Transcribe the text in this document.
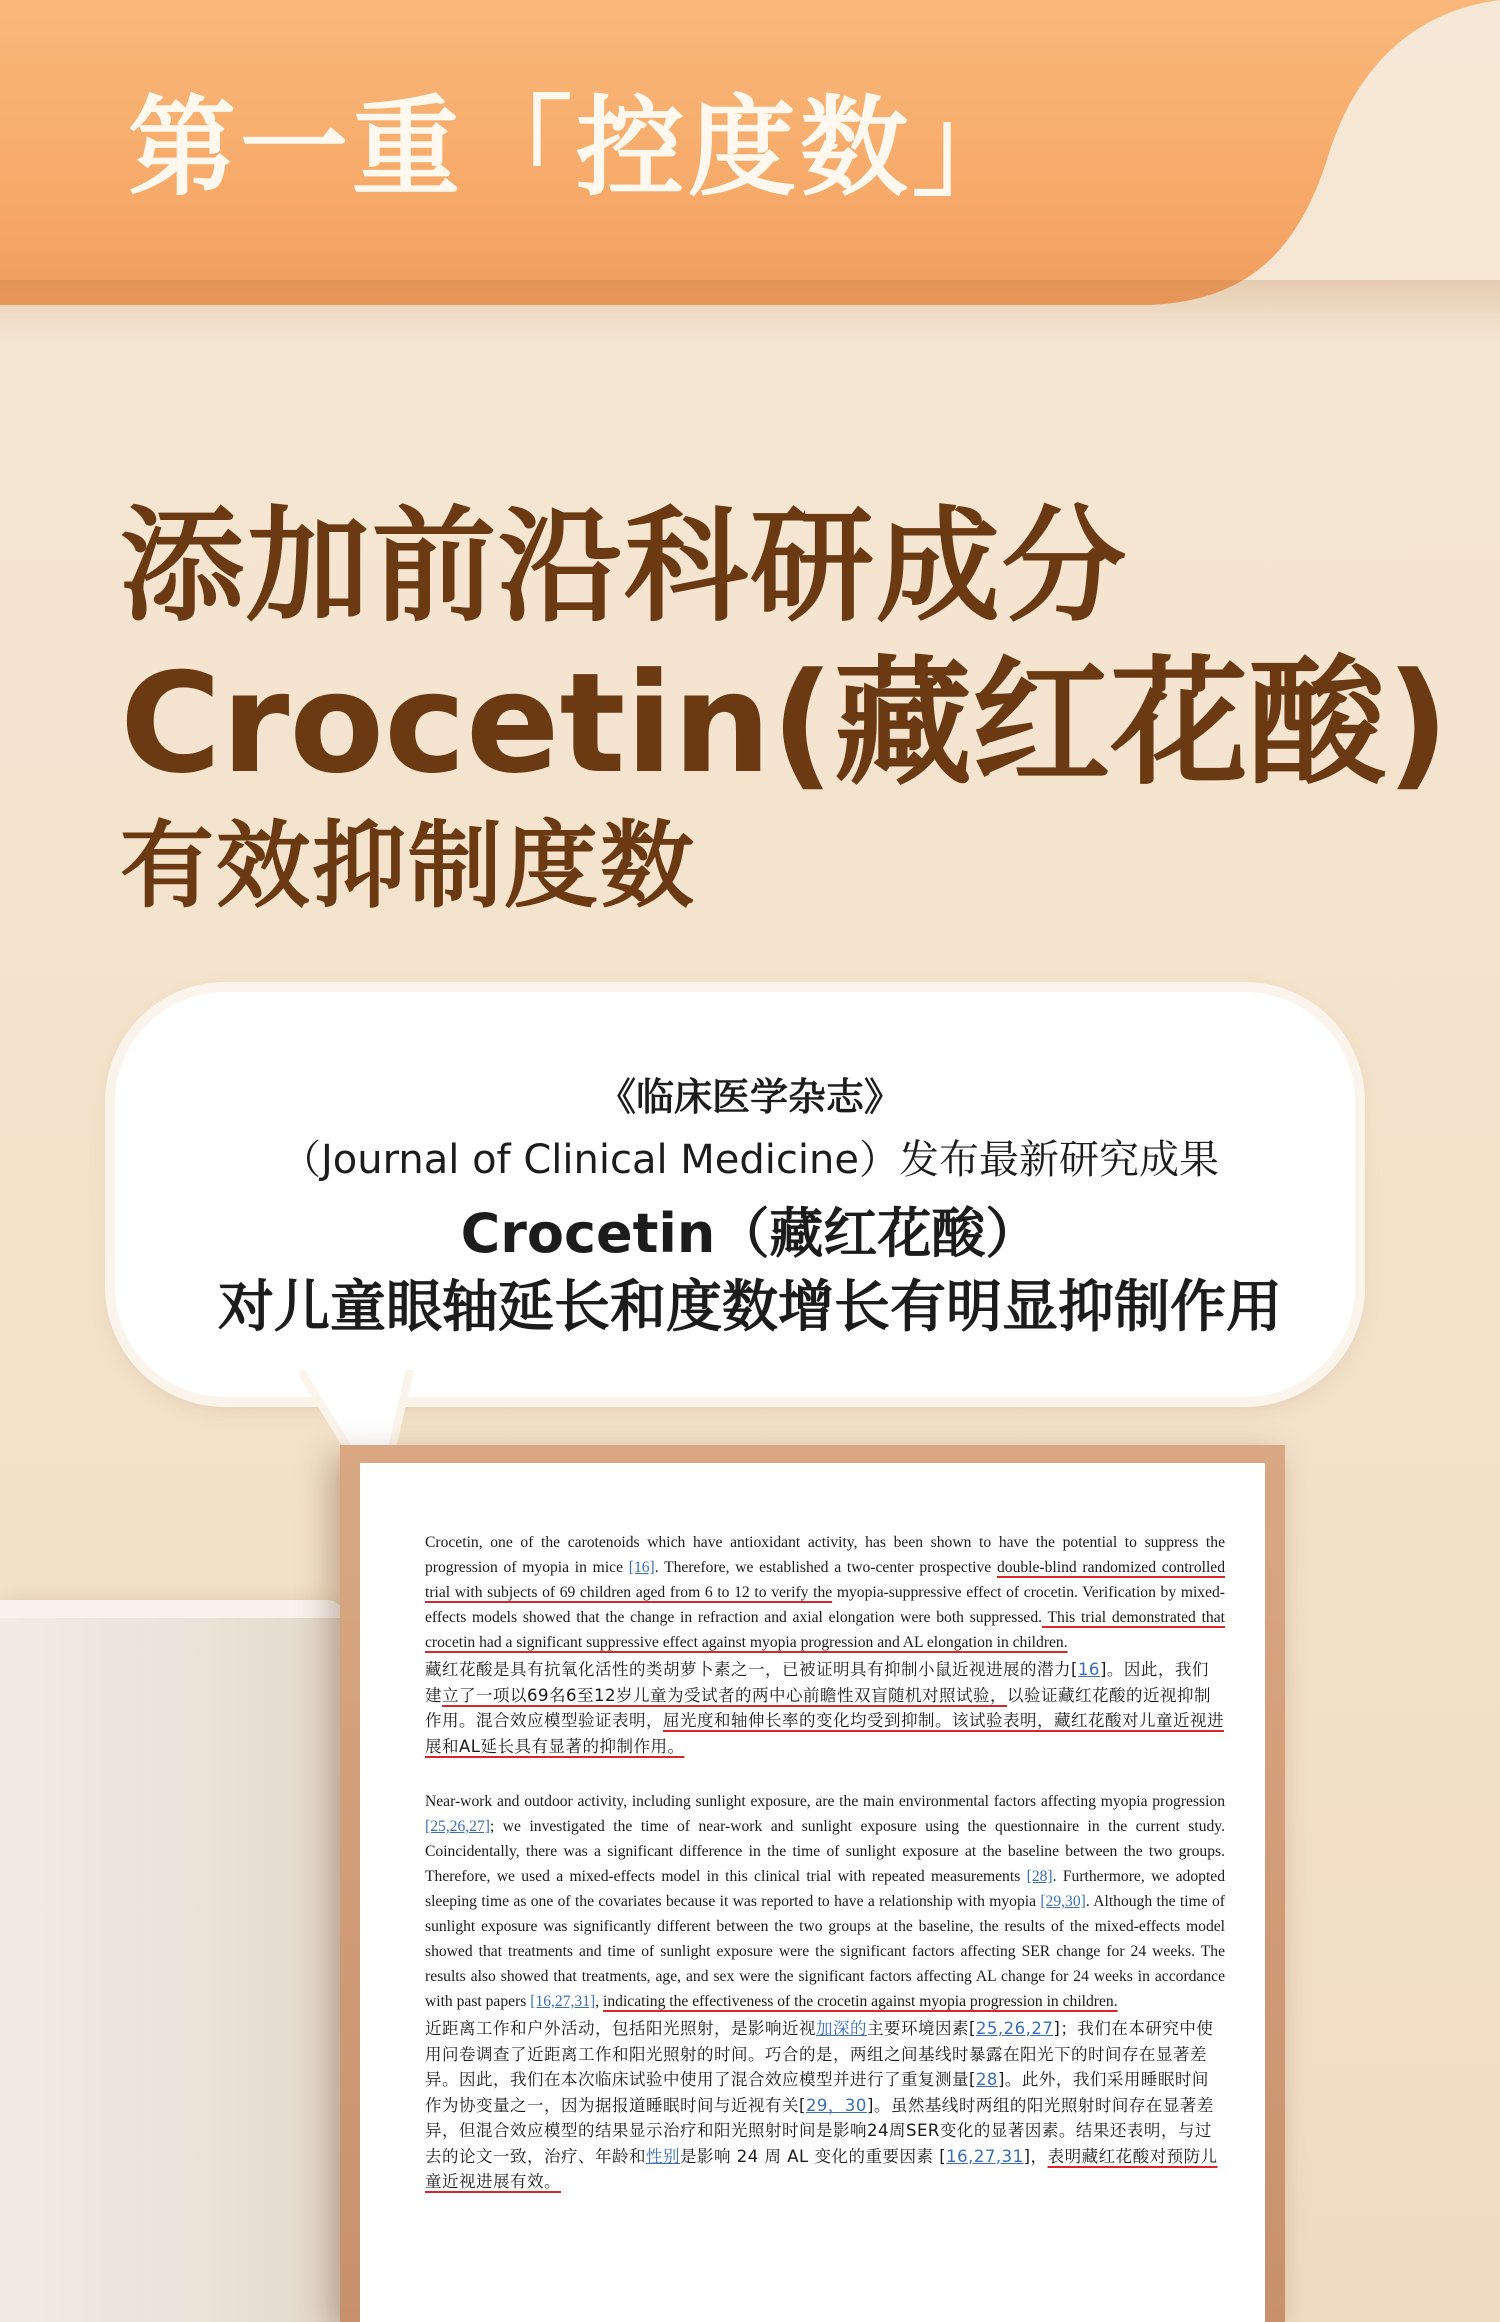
第一重「控度数」
添加前沿科研成分
Crocetin(藏红花酸)
有效抑制度数

《临床医学杂志》

（Journal of Clinical Medicine）发布最新研究成果

Crocetin（藏红花酸）

对儿童眼轴延长和度数增长有明显抑制作用

Crocetin, one of the carotenoids which have antioxidant activity, has been shown to have the potential to suppress the progression of myopia in mice [16]. Therefore, we established a two-center prospective double-blind randomized controlled trial with subjects of 69 children aged from 6 to 12 to verify the myopia-suppressive effect of crocetin. Verification by mixed-effects models showed that the change in refraction and axial elongation were both suppressed. This trial demonstrated that crocetin had a significant suppressive effect against myopia progression and AL elongation in children.

藏红花酸是具有抗氧化活性的类胡萝卜素之一，已被证明具有抑制小鼠近视进展的潜力[16]。因此，我们建立了一项以69名6至12岁儿童为受试者的两中心前瞻性双盲随机对照试验，以验证藏红花酸的近视抑制作用。混合效应模型验证表明，屈光度和轴伸长率的变化均受到抑制。该试验表明，藏红花酸对儿童近视进展和AL延长具有显著的抑制作用。

Near-work and outdoor activity, including sunlight exposure, are the main environmental factors affecting myopia progression [25,26,27]; we investigated the time of near-work and sunlight exposure using the questionnaire in the current study. Coincidentally, there was a significant difference in the time of sunlight exposure at the baseline between the two groups. Therefore, we used a mixed-effects model in this clinical trial with repeated measurements [28]. Furthermore, we adopted sleeping time as one of the covariates because it was reported to have a relationship with myopia [29,30]. Although the time of sunlight exposure was significantly different between the two groups at the baseline, the results of the mixed-effects model showed that treatments and time of sunlight exposure were the significant factors affecting SER change for 24 weeks. The results also showed that treatments, age, and sex were the significant factors affecting AL change for 24 weeks in accordance with past papers [16,27,31], indicating the effectiveness of the crocetin against myopia progression in children.

近距离工作和户外活动，包括阳光照射，是影响近视加深的主要环境因素[25,26,27]；我们在本研究中使用问卷调查了近距离工作和阳光照射的时间。巧合的是，两组之间基线时暴露在阳光下的时间存在显著差异。因此，我们在本次临床试验中使用了混合效应模型并进行了重复测量[28]。此外，我们采用睡眠时间作为协变量之一，因为据报道睡眠时间与近视有关[29，30]。虽然基线时两组的阳光照射时间存在显著差异，但混合效应模型的结果显示治疗和阳光照射时间是影响24周SER变化的显著因素。结果还表明，与过去的论文一致，治疗、年龄和性别是影响 24 周 AL 变化的重要因素 [16,27,31]，表明藏红花酸对预防儿童近视进展有效。
